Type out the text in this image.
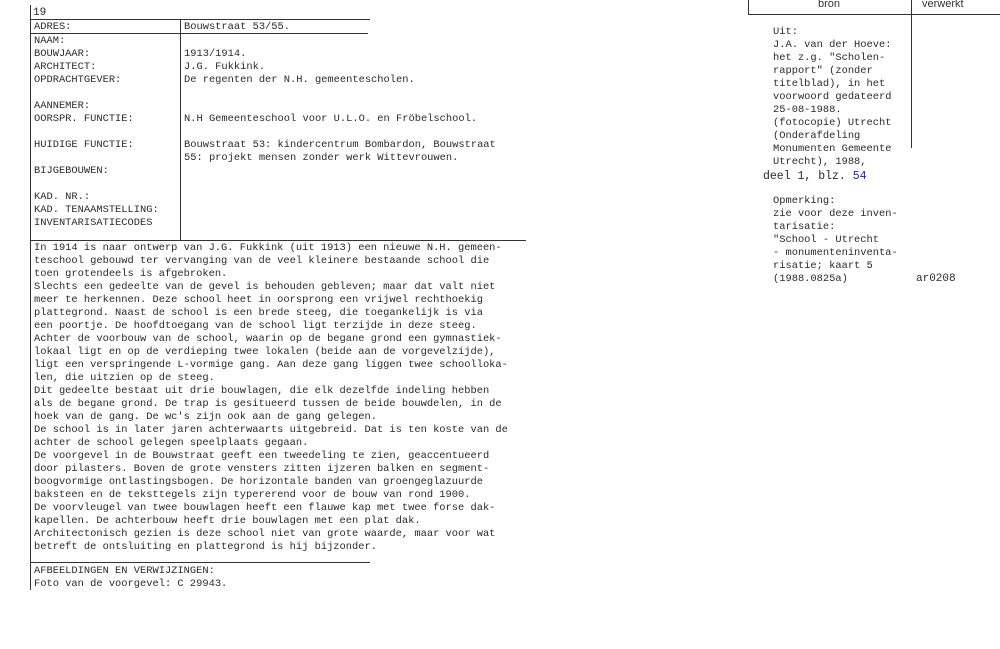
19
ADRES:	Bouwstraat 53/55.
NAAM:
BOUWJAAR:	1913/1914.
ARCHITECT:	J.G. Fukkink.
OPDRACHTGEVER:	De regenten der N.H. gemeentescholen.
AANNEMER:
OORSPR. FUNCTIE:	N.H Gemeenteschool voor U.L.O. en Fröbelschool.
HUIDIGE FUNCTIE:	Bouwstraat 53: kindercentrum Bombardon, Bouwstraat
55: projekt mensen zonder werk Wittevrouwen.
BIJGEBOUWEN:
KAD. NR.:
KAD. TENAAMSTELLING:
INVENTARISATIECODES
In 1914 is naar ontwerp van J.G. Fukkink (uit 1913) een nieuwe N.H. gemeen-
teschool gebouwd ter vervanging van de veel kleinere bestaande school die
toen grotendeels is afgebroken.
Slechts een gedeelte van de gevel is behouden gebleven; maar dat valt niet
meer te herkennen. Deze school heet in oorsprong een vrijwel rechthoekig
plattegrond. Naast de school is een brede steeg, die toegankelijk is via
een poortje. De hoofdtoegang van de school ligt terzijde in deze steeg.
Achter de voorbouw van de school, waarin op de begane grond een gymnastiek-
lokaal ligt en op de verdieping twee lokalen (beide aan de vorgevelzijde),
ligt een verspringende L-vormige gang. Aan deze gang liggen twee schoolloka-
len, die uitzien op de steeg.
Dit gedeelte bestaat uit drie bouwlagen, die elk dezelfde indeling hebben
als de begane grond. De trap is gesitueerd tussen de beide bouwdelen, in de
hoek van de gang. De wc's zijn ook aan de gang gelegen.
De school is in later jaren achterwaarts uitgebreid. Dat is ten koste van de
achter de school gelegen speelplaats gegaan.
De voorgevel in de Bouwstraat geeft een tweedeling te zien, geaccentueerd
door pilasters. Boven de grote vensters zitten ijzeren balken en segment-
boogvormige ontlastingsbogen. De horizontale banden van groengeglazuurde
baksteen en de teksttegels zijn typererend voor de bouw van rond 1900.
De voorvleugel van twee bouwlagen heeft een flauwe kap met twee forse dak-
kapellen. De achterbouw heeft drie bouwlagen met een plat dak.
Architectonisch gezien is deze school niet van grote waarde, maar voor wat
betreft de ontsluiting en plattegrond is hij bijzonder.
AFBEELDINGEN EN VERWIJZINGEN:
Foto van de voorgevel: C 29943.
bron	verwerkt
Uit:
J.A. van der Hoeve:
het z.g. "Scholen-
rapport" (zonder
titelblad), in het
voorwoord gedateerd
25-08-1988.
(fotocopie) Utrecht
(Onderafdeling
Monumenten Gemeente
Utrecht), 1988,
deel 1, blz. 54
Opmerking:
zie voor deze inven-
tarisatie:
"School - Utrecht
- monumenteninventa-
risatie; kaart 5
(1988.0825a)	ar0208
